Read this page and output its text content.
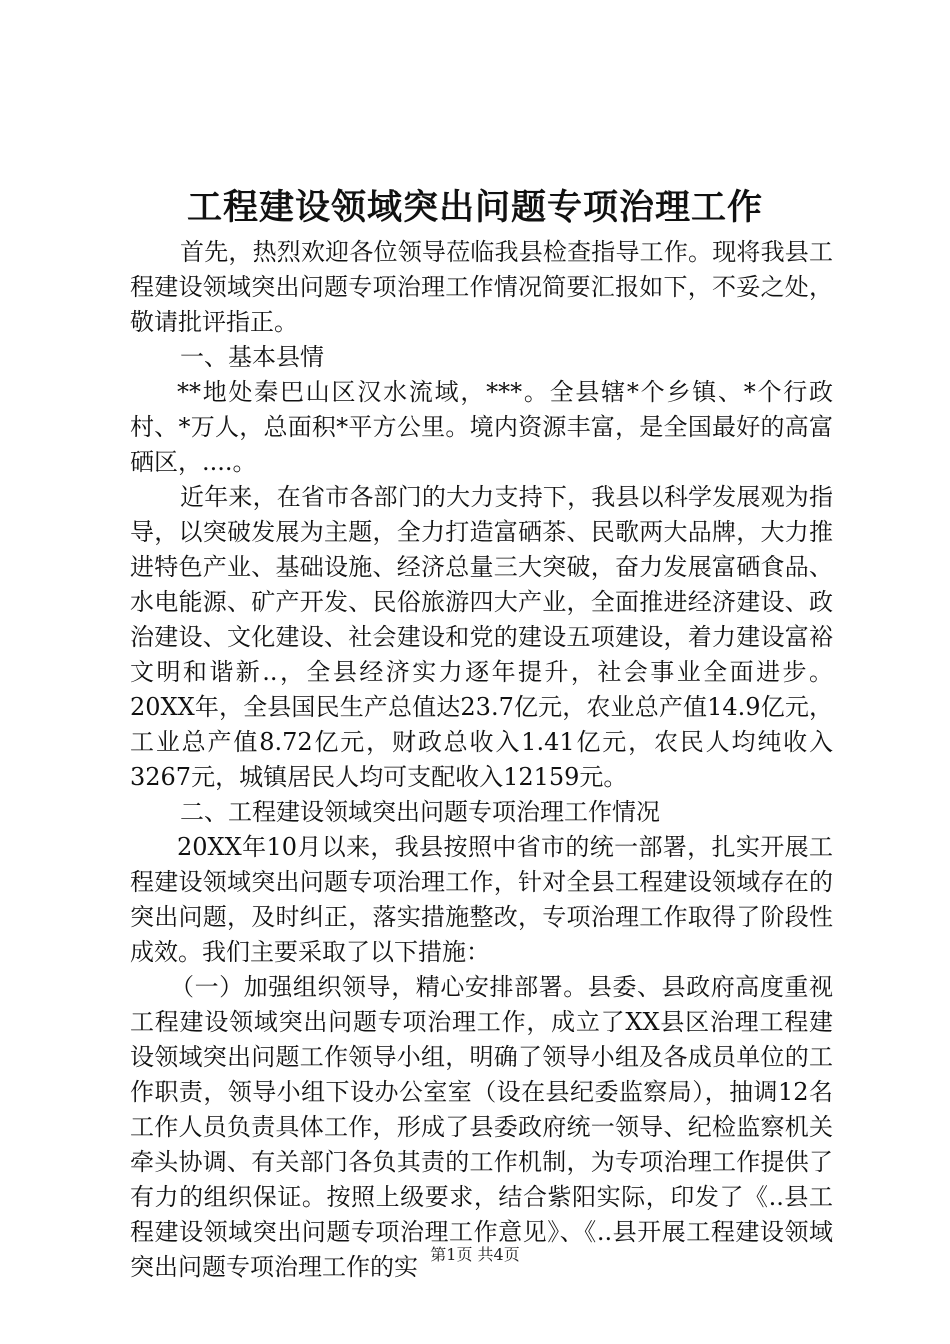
工程建设领域突出问题专项治理工作

首先，热烈欢迎各位领导莅临我县检查指导工作。现将我县工程建设领域突出问题专项治理工作情况简要汇报如下，不妥之处，敬请批评指正。

一、基本县情

**地处秦巴山区汉水流域，***。全县辖*个乡镇、*个行政村、*万人，总面积*平方公里。境内资源丰富，是全国最好的高富硒区，....。

近年来，在省市各部门的大力支持下，我县以科学发展观为指导，以突破发展为主题，全力打造富硒茶、民歌两大品牌，大力推进特色产业、基础设施、经济总量三大突破，奋力发展富硒食品、水电能源、矿产开发、民俗旅游四大产业，全面推进经济建设、政治建设、文化建设、社会建设和党的建设五项建设，着力建设富裕文明和谐新..，全县经济实力逐年提升，社会事业全面进步。20XX年，全县国民生产总值达23.7亿元，农业总产值14.9亿元，工业总产值8.72亿元，财政总收入1.41亿元，农民人均纯收入3267元，城镇居民人均可支配收入12159元。

二、工程建设领域突出问题专项治理工作情况

20XX年10月以来，我县按照中省市的统一部署，扎实开展工程建设领域突出问题专项治理工作，针对全县工程建设领域存在的突出问题，及时纠正，落实措施整改，专项治理工作取得了阶段性成效。我们主要采取了以下措施：

（一）加强组织领导，精心安排部署。县委、县政府高度重视工程建设领域突出问题专项治理工作，成立了XX县区治理工程建设领域突出问题工作领导小组，明确了领导小组及各成员单位的工作职责，领导小组下设办公室室（设在县纪委监察局），抽调12名工作人员负责具体工作，形成了县委政府统一领导、纪检监察机关牵头协调、有关部门各负其责的工作机制，为专项治理工作提供了有力的组织保证。按照上级要求，结合紫阳实际，印发了《..县工程建设领域突出问题专项治理工作意见》、《..县开展工程建设领域突出问题专项治理工作的实 第1页 共4页
